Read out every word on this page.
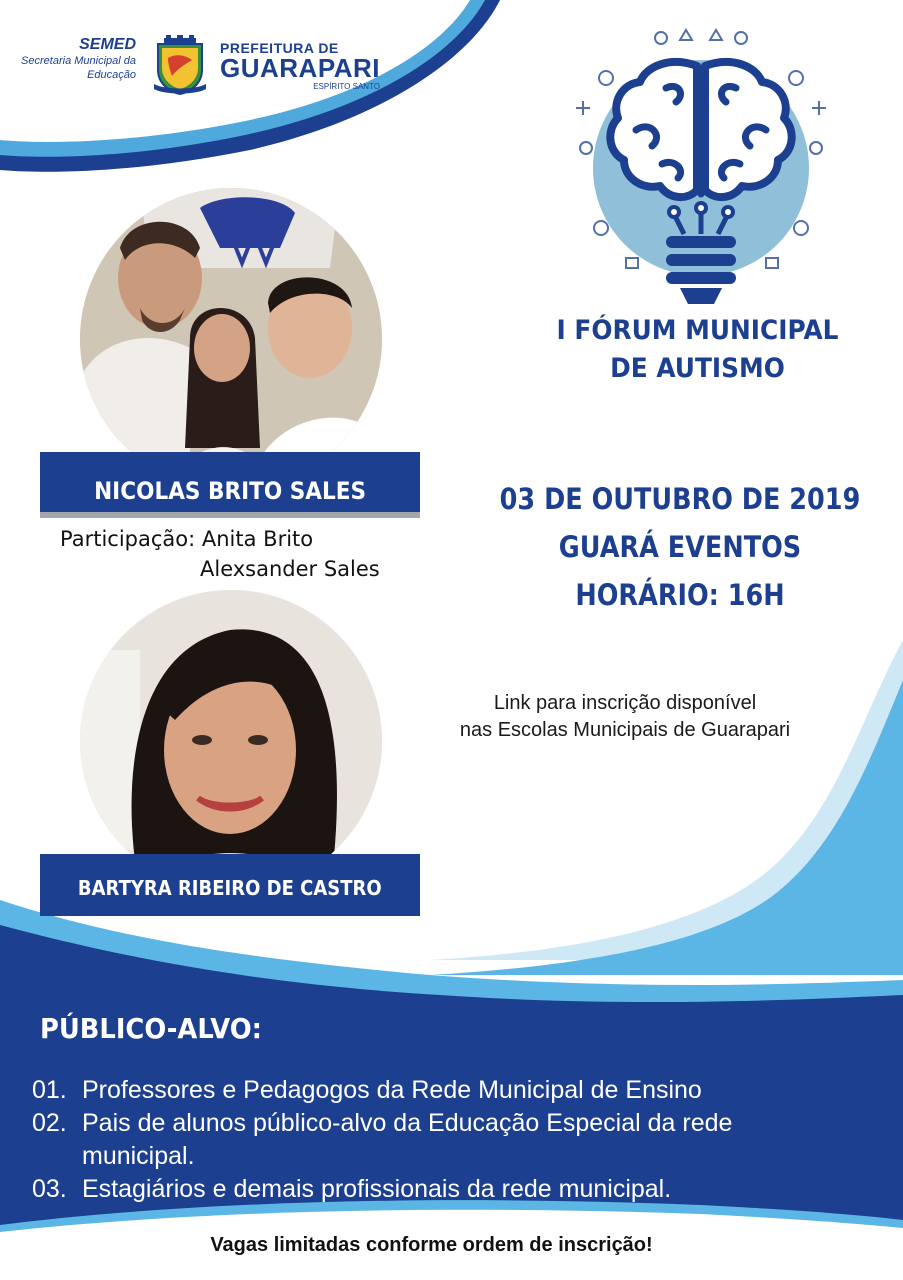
SEMED
Secretaria Municipal da
Educação
PREFEITURA DE
GUARAPARI
ESPÍRITO SANTO
I FÓRUM MUNICIPAL
DE AUTISMO
03 DE OUTUBRO DE 2019
GUARÁ EVENTOS
HORÁRIO: 16H
Link para inscrição disponível
nas Escolas Municipais de Guarapari
NICOLAS BRITO SALES
Participação: Anita Brito
Alexsander Sales
BARTYRA RIBEIRO DE CASTRO
PÚBLICO-ALVO:
01. Professores e Pedagogos da Rede Municipal de Ensino
02. Pais de alunos público-alvo da Educação Especial da rede municipal.
03. Estagiários e demais profissionais da rede municipal.
Vagas limitadas conforme ordem de inscrição!
